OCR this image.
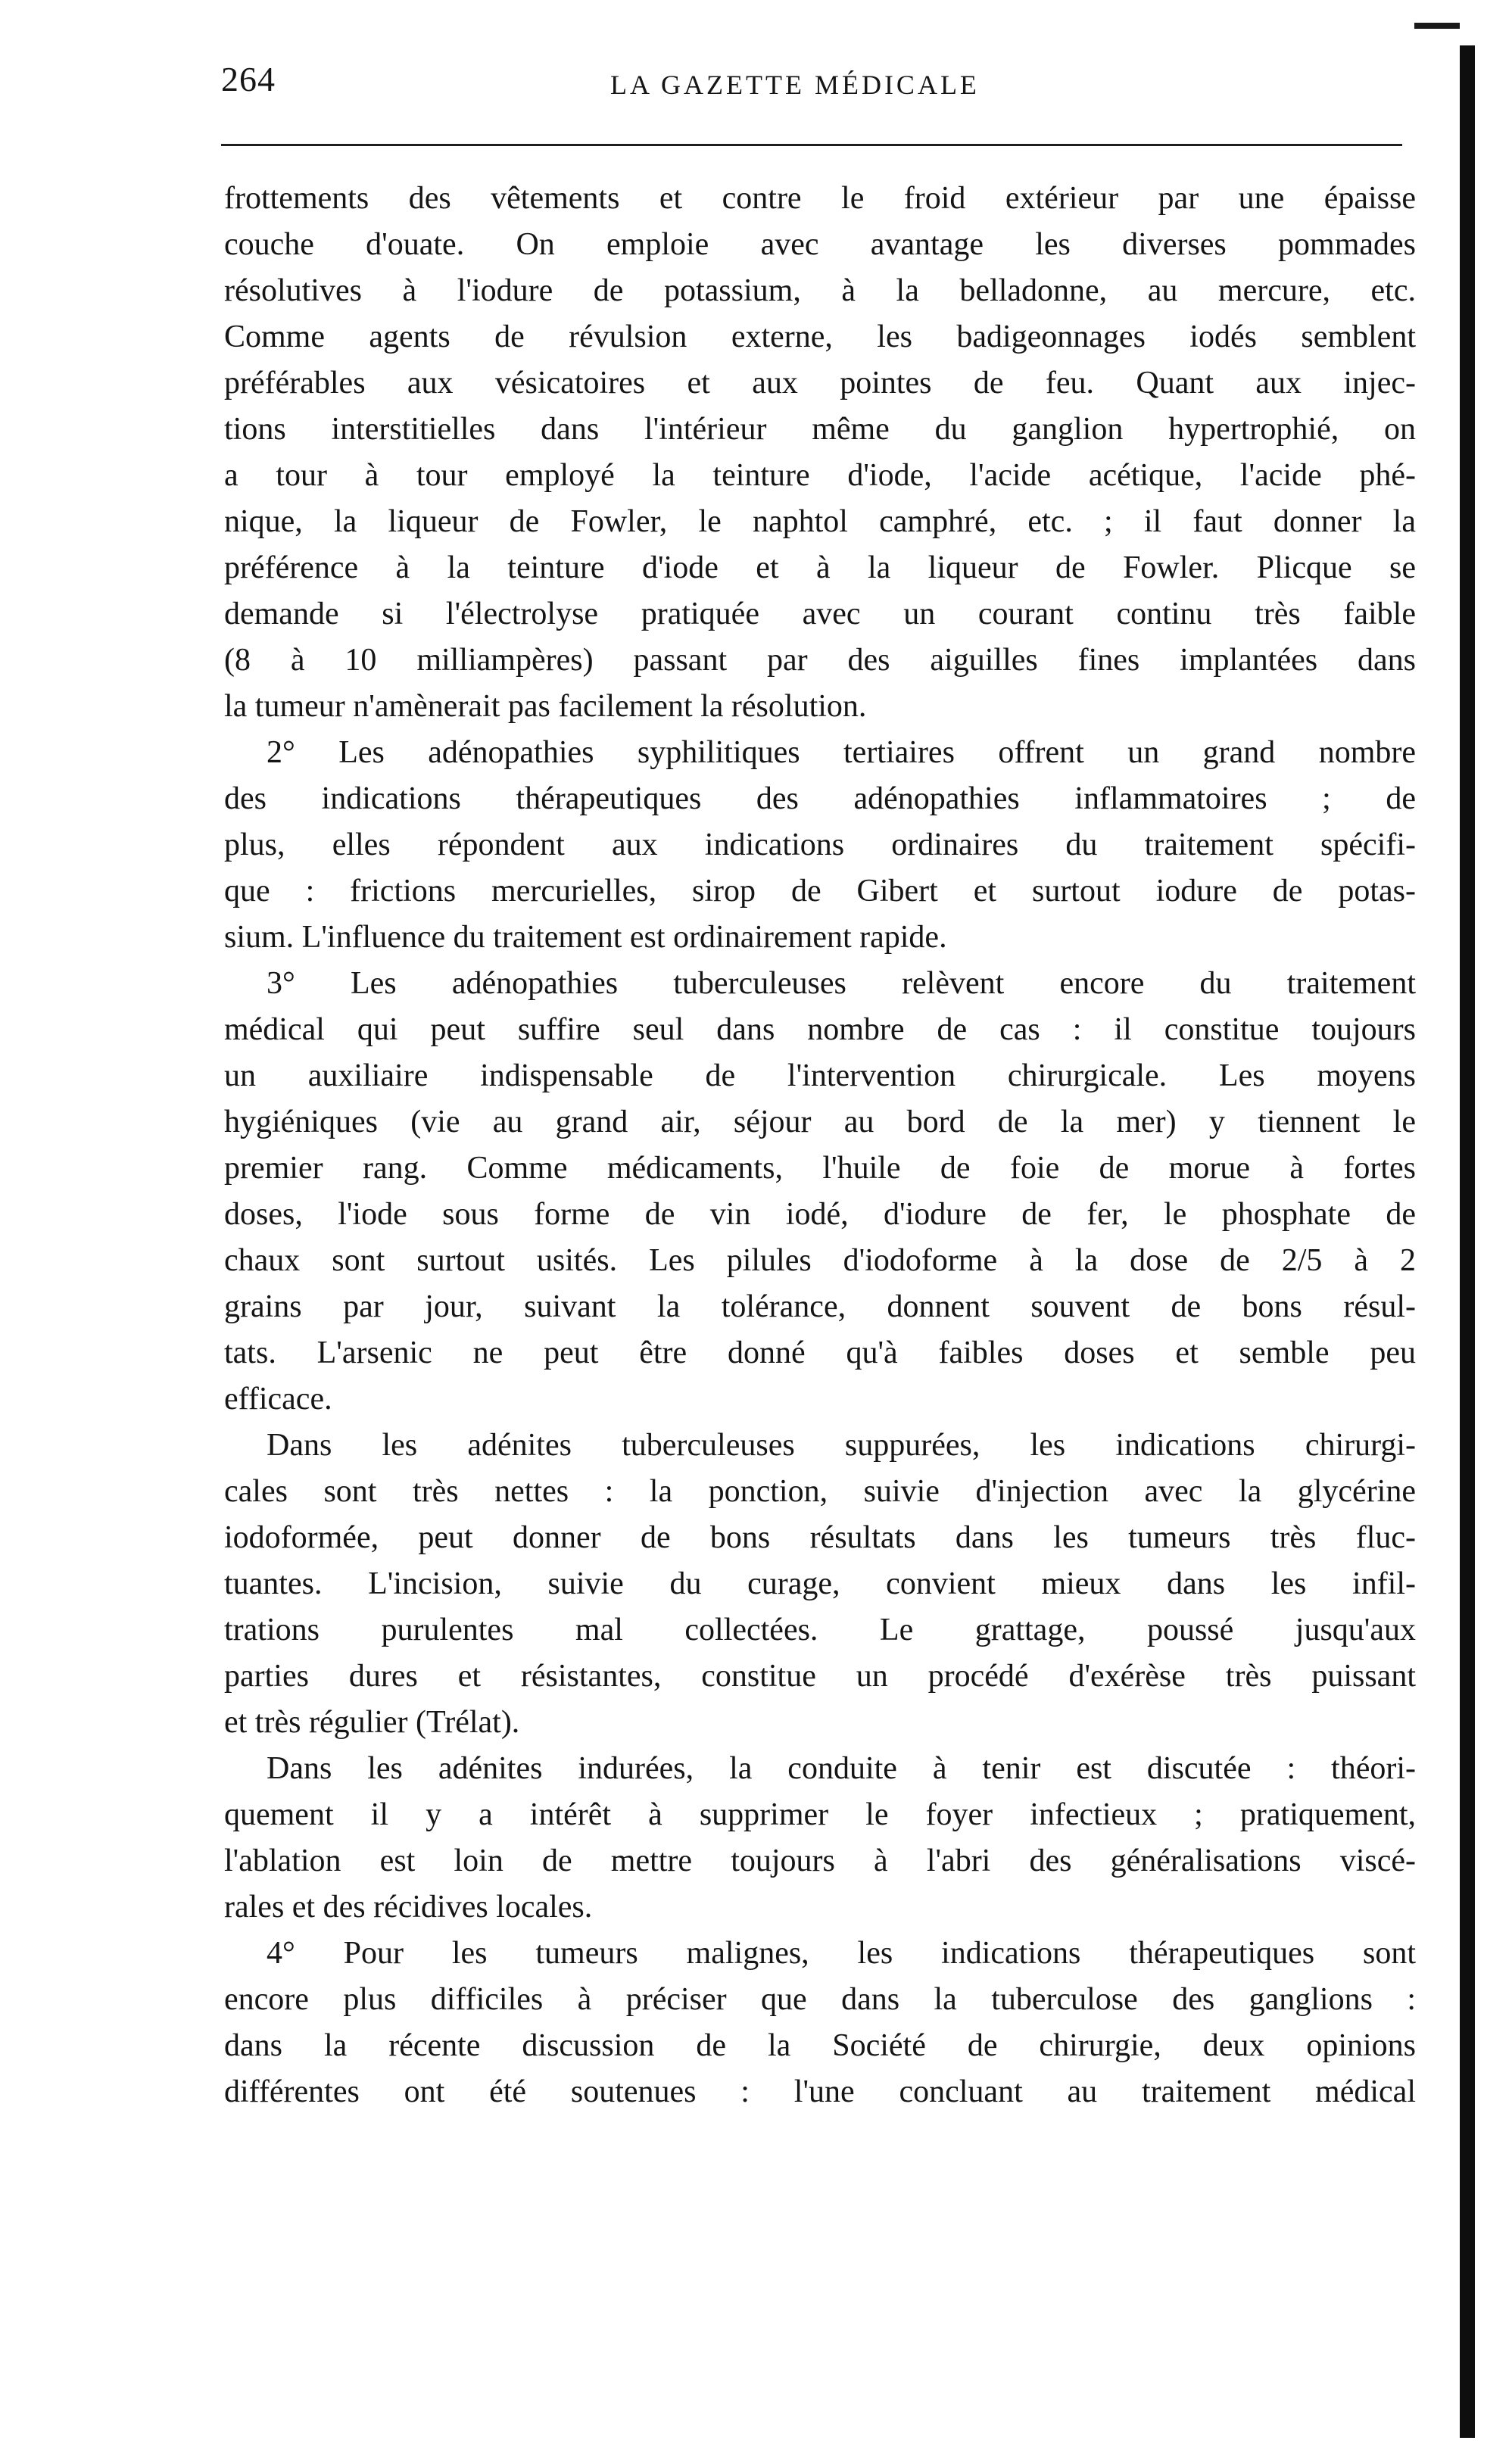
264	LA GAZETTE MÉDICALE
frottements des vêtements et contre le froid extérieur par une épaisse
couche d'ouate. On emploie avec avantage les diverses pommades
résolutives à l'iodure de potassium, à la belladonne, au mercure, etc.
Comme agents de révulsion externe, les badigeonnages iodés semblent
préférables aux vésicatoires et aux pointes de feu. Quant aux injec-
tions interstitielles dans l'intérieur même du ganglion hypertrophié, on
a tour à tour employé la teinture d'iode, l'acide acétique, l'acide phé-
nique, la liqueur de Fowler, le naphtol camphré, etc. ; il faut donner la
préférence à la teinture d'iode et à la liqueur de Fowler. Plicque se
demande si l'électrolyse pratiquée avec un courant continu très faible
(8 à 10 milliampères) passant par des aiguilles fines implantées dans
la tumeur n'amènerait pas facilement la résolution.
2° Les adénopathies syphilitiques tertiaires offrent un grand nombre
des indications thérapeutiques des adénopathies inflammatoires ; de
plus, elles répondent aux indications ordinaires du traitement spécifi-
que : frictions mercurielles, sirop de Gibert et surtout iodure de potas-
sium. L'influence du traitement est ordinairement rapide.
3° Les adénopathies tuberculeuses relèvent encore du traitement
médical qui peut suffire seul dans nombre de cas : il constitue toujours
un auxiliaire indispensable de l'intervention chirurgicale. Les moyens
hygiéniques (vie au grand air, séjour au bord de la mer) y tiennent le
premier rang. Comme médicaments, l'huile de foie de morue à fortes
doses, l'iode sous forme de vin iodé, d'iodure de fer, le phosphate de
chaux sont surtout usités. Les pilules d'iodoforme à la dose de 2/5 à 2
grains par jour, suivant la tolérance, donnent souvent de bons résul-
tats. L'arsenic ne peut être donné qu'à faibles doses et semble peu
efficace.
Dans les adénites tuberculeuses suppurées, les indications chirurgi-
cales sont très nettes : la ponction, suivie d'injection avec la glycérine
iodoformée, peut donner de bons résultats dans les tumeurs très fluc-
tuantes. L'incision, suivie du curage, convient mieux dans les infil-
trations purulentes mal collectées. Le grattage, poussé jusqu'aux
parties dures et résistantes, constitue un procédé d'exérèse très puissant
et très régulier (Trélat).
Dans les adénites indurées, la conduite à tenir est discutée : théori-
quement il y a intérêt à supprimer le foyer infectieux ; pratiquement,
l'ablation est loin de mettre toujours à l'abri des généralisations viscé-
rales et des récidives locales.
4° Pour les tumeurs malignes, les indications thérapeutiques sont
encore plus difficiles à préciser que dans la tuberculose des ganglions :
dans la récente discussion de la Société de chirurgie, deux opinions
différentes ont été soutenues : l'une concluant au traitement médical
